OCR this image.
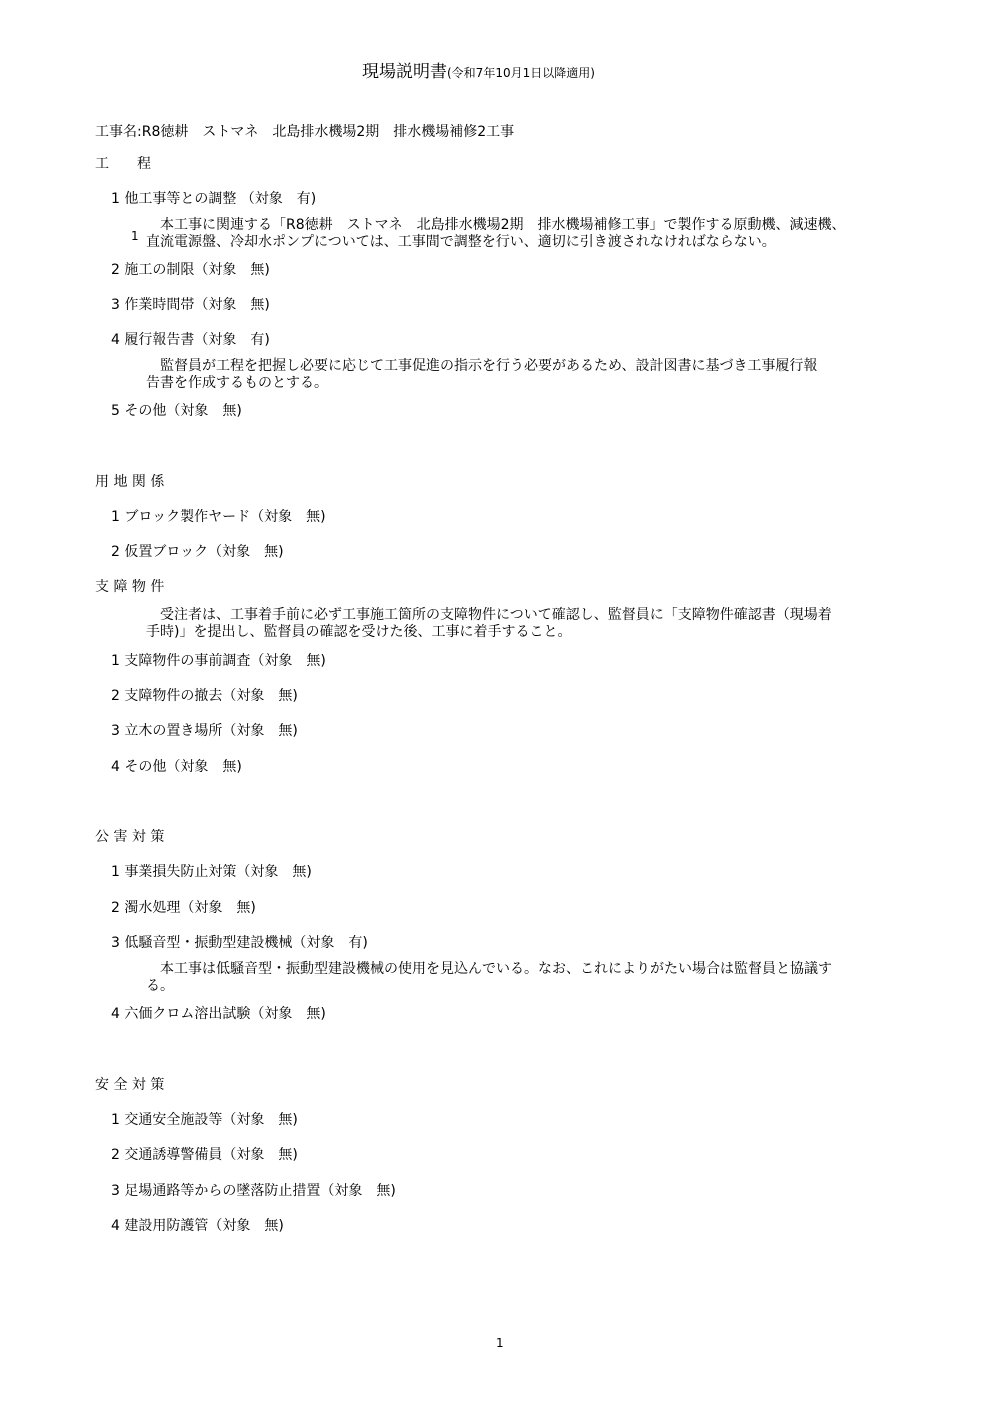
現場説明書(令和7年10月1日以降適用)
工事名:R8徳耕　ストマネ　北島排水機場2期　排水機場補修2工事
工　　程
1 他工事等との調整 （対象　有)
1
本工事に関連する「R8徳耕　ストマネ　北島排水機場2期　排水機場補修工事」で製作する原動機、減速機、
直流電源盤、冷却水ポンプについては、工事間で調整を行い、適切に引き渡されなければならない。
2 施工の制限（対象　無)
3 作業時間帯（対象　無)
4 履行報告書（対象　有)
監督員が工程を把握し必要に応じて工事促進の指示を行う必要があるため、設計図書に基づき工事履行報
告書を作成するものとする。
5 その他（対象　無)
用 地 関 係
1 ブロック製作ヤード（対象　無)
2 仮置ブロック（対象　無)
支 障 物 件
受注者は、工事着手前に必ず工事施工箇所の支障物件について確認し、監督員に「支障物件確認書（現場着
手時)」を提出し、監督員の確認を受けた後、工事に着手すること。
1 支障物件の事前調査（対象　無)
2 支障物件の撤去（対象　無)
3 立木の置き場所（対象　無)
4 その他（対象　無)
公 害 対 策
1 事業損失防止対策（対象　無)
2 濁水処理（対象　無)
3 低騒音型・振動型建設機械（対象　有)
本工事は低騒音型・振動型建設機械の使用を見込んでいる。なお、これによりがたい場合は監督員と協議す
る。
4 六価クロム溶出試験（対象　無)
安 全 対 策
1 交通安全施設等（対象　無)
2 交通誘導警備員（対象　無)
3 足場通路等からの墜落防止措置（対象　無)
4 建設用防護管（対象　無)
1
